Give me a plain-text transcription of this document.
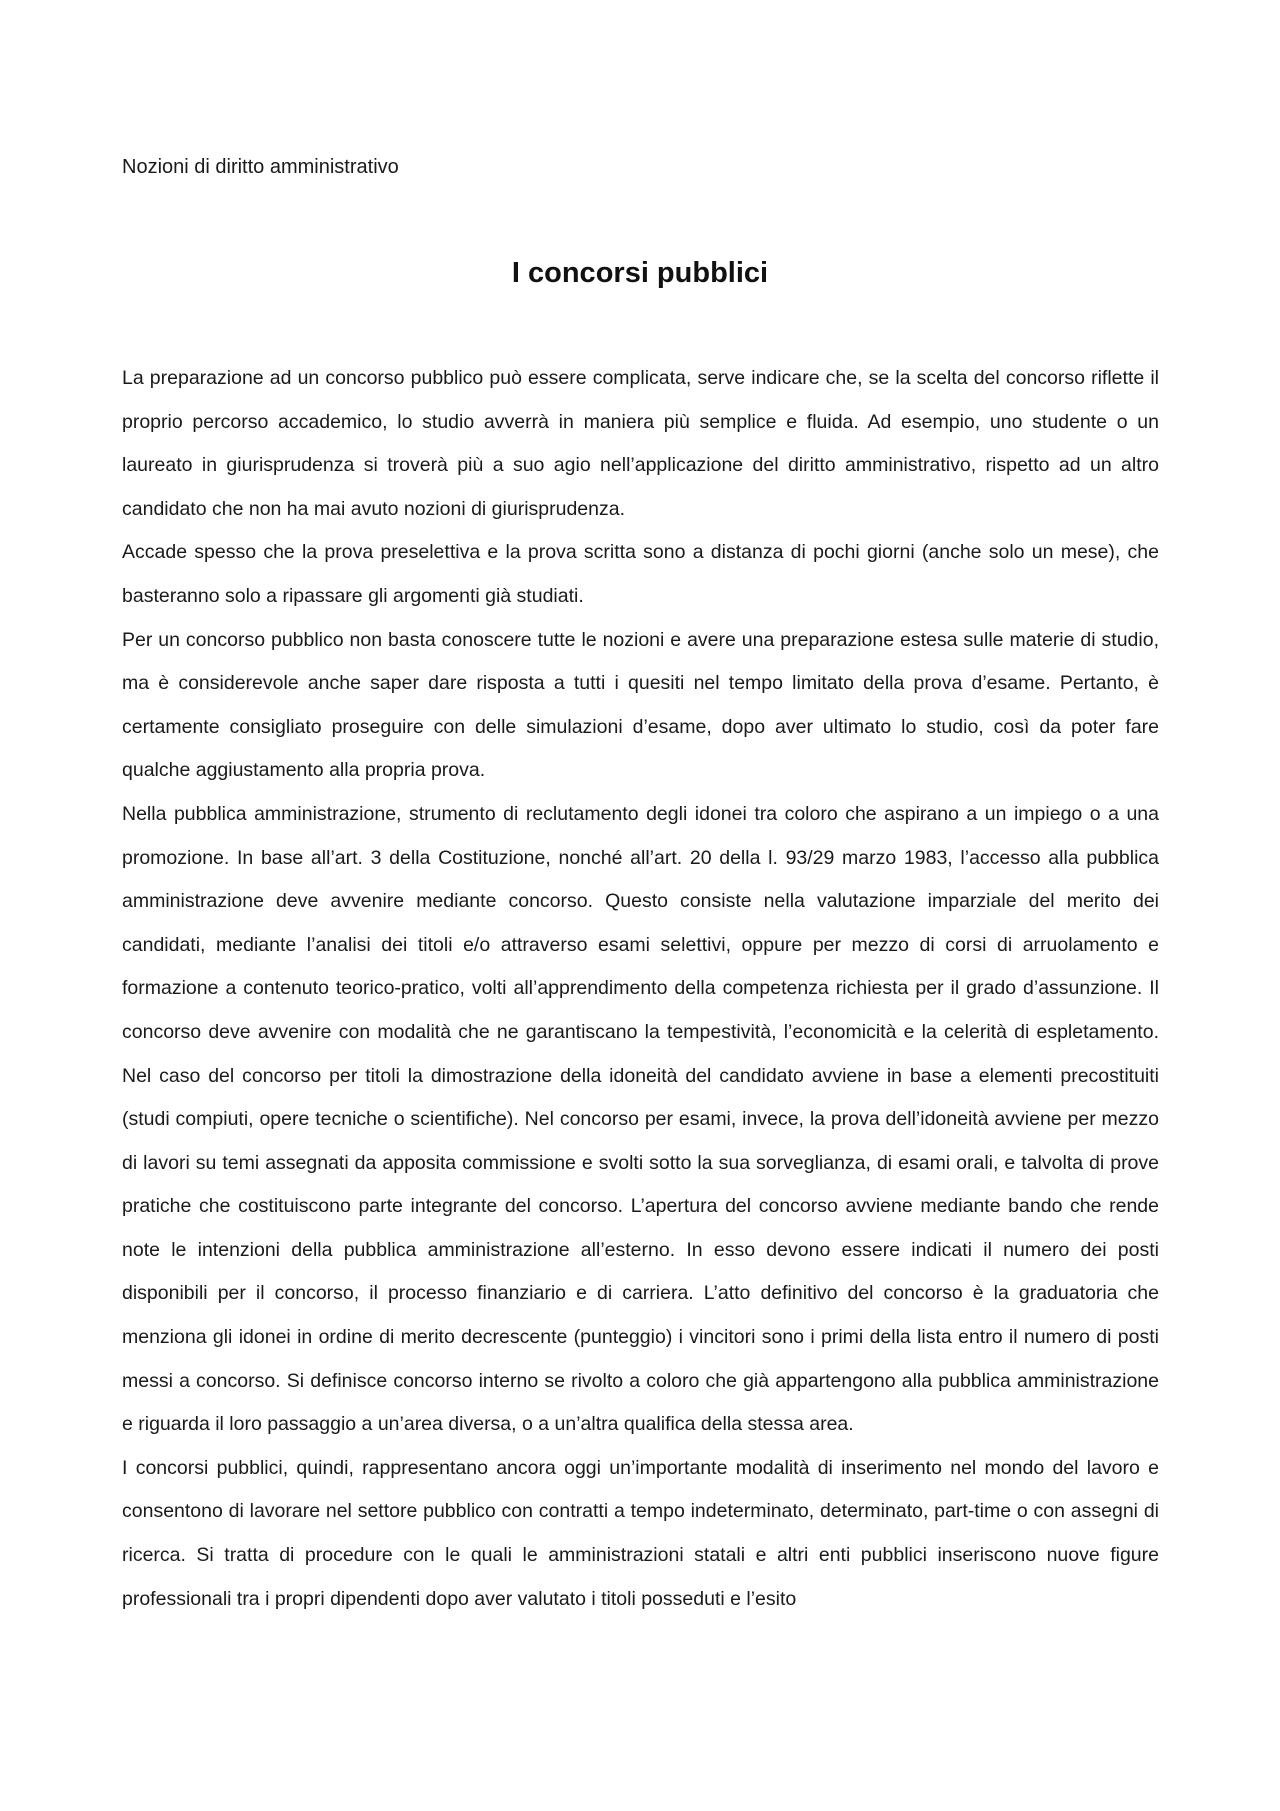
Nozioni di diritto amministrativo
I concorsi pubblici

La preparazione ad un concorso pubblico può essere complicata, serve indicare che, se la scelta del concorso riflette il proprio percorso accademico, lo studio avverrà in maniera più semplice e fluida. Ad esempio, uno studente o un laureato in giurisprudenza si troverà più a suo agio nell’applicazione del diritto amministrativo, rispetto ad un altro candidato che non ha mai avuto nozioni di giurisprudenza.

Accade spesso che la prova preselettiva e la prova scritta sono a distanza di pochi giorni (anche solo un mese), che basteranno solo a ripassare gli argomenti già studiati.

Per un concorso pubblico non basta conoscere tutte le nozioni e avere una preparazione estesa sulle materie di studio, ma è considerevole anche saper dare risposta a tutti i quesiti nel tempo limitato della prova d’esame. Pertanto, è certamente consigliato proseguire con delle simulazioni d’esame, dopo aver ultimato lo studio, così da poter fare qualche aggiustamento alla propria prova.

Nella pubblica amministrazione, strumento di reclutamento degli idonei tra coloro che aspirano a un impiego o a una promozione. In base all’art. 3 della Costituzione, nonché all’art. 20 della l. 93/29 marzo 1983, l’accesso alla pubblica amministrazione deve avvenire mediante concorso. Questo consiste nella valutazione imparziale del merito dei candidati, mediante l’analisi dei titoli e/o attraverso esami selettivi, oppure per mezzo di corsi di arruolamento e formazione a contenuto teorico-pratico, volti all’apprendimento della competenza richiesta per il grado d’assunzione. Il concorso deve avvenire con modalità che ne garantiscano la tempestività, l’economicità e la celerità di espletamento. Nel caso del concorso per titoli la dimostrazione della idoneità del candidato avviene in base a elementi precostituiti (studi compiuti, opere tecniche o scientifiche). Nel concorso per esami, invece, la prova dell’idoneità avviene per mezzo di lavori su temi assegnati da apposita commissione e svolti sotto la sua sorveglianza, di esami orali, e talvolta di prove pratiche che costituiscono parte integrante del concorso. L’apertura del concorso avviene mediante bando che rende note le intenzioni della pubblica amministrazione all’esterno. In esso devono essere indicati il numero dei posti disponibili per il concorso, il processo finanziario e di carriera. L’atto definitivo del concorso è la graduatoria che menziona gli idonei in ordine di merito decrescente (punteggio) i vincitori sono i primi della lista entro il numero di posti messi a concorso. Si definisce concorso interno se rivolto a coloro che già appartengono alla pubblica amministrazione e riguarda il loro passaggio a un’area diversa, o a un’altra qualifica della stessa area.

I concorsi pubblici, quindi, rappresentano ancora oggi un’importante modalità di inserimento nel mondo del lavoro e consentono di lavorare nel settore pubblico con contratti a tempo indeterminato, determinato, part-time o con assegni di ricerca. Si tratta di procedure con le quali le amministrazioni statali e altri enti pubblici inseriscono nuove figure professionali tra i propri dipendenti dopo aver valutato i titoli posseduti e l’esito
